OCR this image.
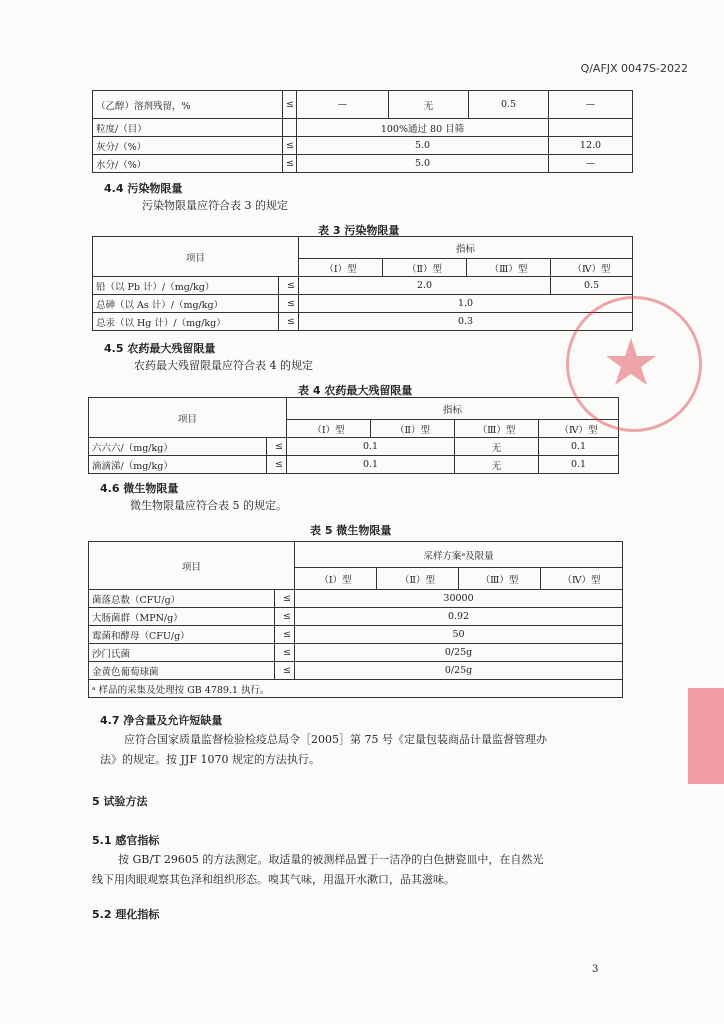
Q/AFJX 0047S-2022
（乙醇）溶剂残留，%	≤	—	无	0.5	—
粒度/（目）		100%通过 80 目筛			
灰分/（%）	≤	5.0			12.0
水分/（%）	≤	5.0			—
4.4 污染物限量
污染物限量应符合表 3 的规定
表 3 污染物限量
项目		指标			
		（Ⅰ）型	（Ⅱ）型	（Ⅲ）型	（Ⅳ）型
铅（以 Pb 计）/（mg/kg）	≤	2.0			0.5
总砷（以 As 计）/（mg/kg）	≤	1.0			
总汞（以 Hg 计）/（mg/kg）	≤	0.3			
4.5 农药最大残留限量
农药最大残留限量应符合表 4 的规定
表 4 农药最大残留限量
项目		指标			
		（Ⅰ）型	（Ⅱ）型	（Ⅲ）型	（Ⅳ）型
六六六/（mg/kg）	≤	0.1		无	0.1
滴滴涕/（mg/kg）	≤	0.1		无	0.1
4.6 微生物限量
微生物限量应符合表 5 的规定。
表 5 微生物限量
项目		采样方案ᵃ及限量			
		（Ⅰ）型	（Ⅱ）型	（Ⅲ）型	（Ⅳ）型
菌落总数（CFU/g）	≤	30000			
大肠菌群（MPN/g）	≤	0.92			
霉菌和酵母（CFU/g）	≤	50			
沙门氏菌	≤	0/25g			
金黄色葡萄球菌	≤	0/25g			
ᵃ 样品的采集及处理按 GB 4789.1 执行。					
4.7 净含量及允许短缺量
应符合国家质量监督检验检疫总局令［2005］第 75 号《定量包装商品计量监督管理办
法》的规定。按 JJF 1070 规定的方法执行。
5 试验方法
5.1 感官指标
按 GB/T 29605 的方法测定。取适量的被测样品置于一洁净的白色搪瓷皿中，在自然光
线下用肉眼观察其色泽和组织形态。嗅其气味，用温开水漱口，品其滋味。
5.2 理化指标
3
